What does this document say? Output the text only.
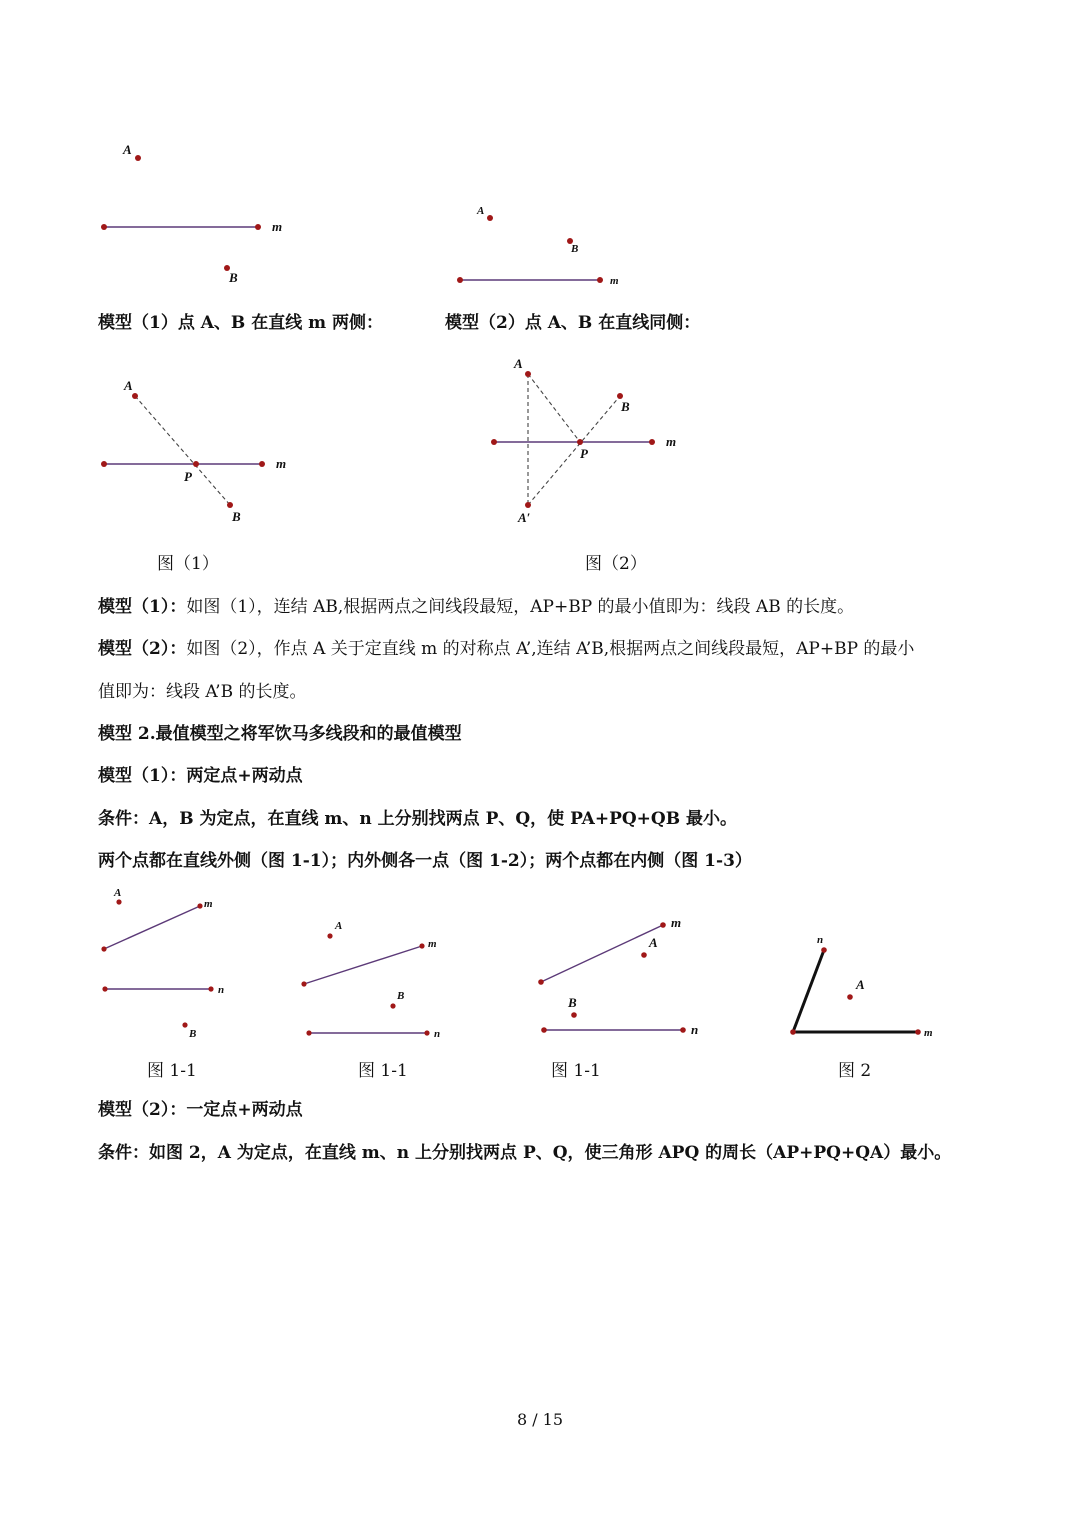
A
m
B
A
B
m
模型（1）点 A、B 在直线 m 两侧：	模型（2）点 A、B 在直线同侧：
A
P
B
m
A
B
P
A′
m
图（1）	图（2）
模型（1）：如图（1），连结 AB,根据两点之间线段最短，AP+BP 的最小值即为：线段 AB 的长度。
模型（2）：如图（2），作点 A 关于定直线 m 的对称点 A’,连结 A’B,根据两点之间线段最短，AP+BP 的最小
值即为：线段 A’B 的长度。
模型 2.最值模型之将军饮马多线段和的最值模型
模型（1）：两定点+两动点
条件：A，B 为定点，在直线 m、n 上分别找两点 P、Q，使 PA+PQ+QB 最小。
两个点都在直线外侧（图 1-1）；内外侧各一点（图 1-2）；两个点都在内侧（图 1-3）
A
m
n
B
A
m
B
n
m
A
B
n
n
m
A
图 1-1	图 1-1	图 1-1	图 2
模型（2）：一定点+两动点
条件：如图 2，A 为定点，在直线 m、n 上分别找两点 P、Q，使三角形 APQ 的周长（AP+PQ+QA）最小。
8 / 15
